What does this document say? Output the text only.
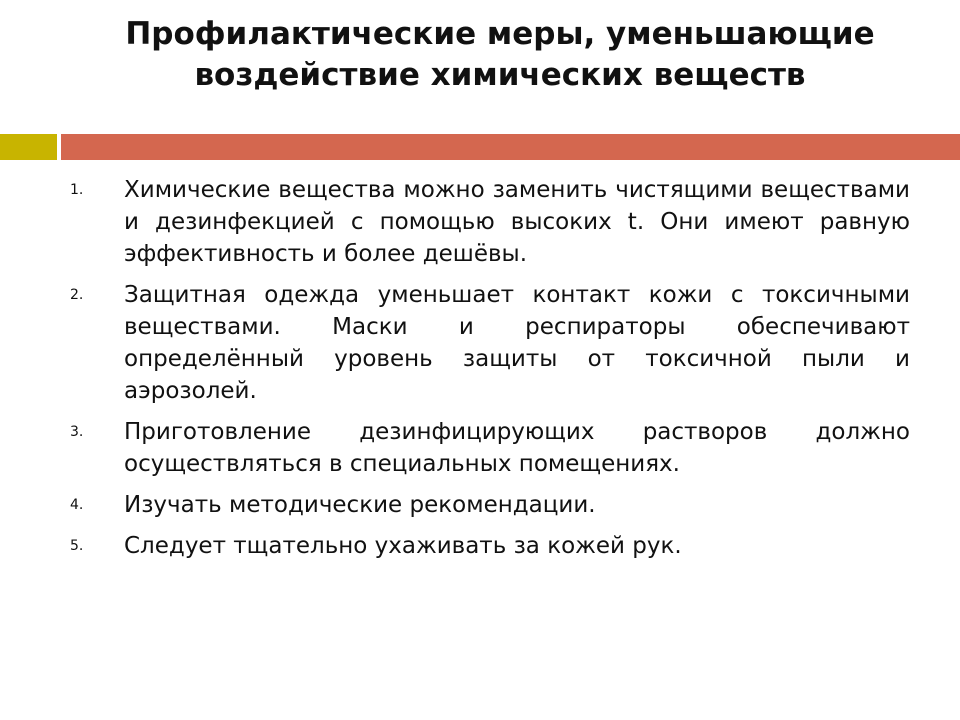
Профилактические меры, уменьшающие воздействие химических веществ
1.	Химические вещества можно заменить чистящими веществами и дезинфекцией с помощью высоких t. Они имеют равную эффективность и более дешёвы.
2.	Защитная одежда уменьшает контакт кожи с токсичными веществами. Маски и респираторы обеспечивают определённый уровень защиты от токсичной пыли и аэрозолей.
3.	Приготовление дезинфицирующих растворов должно осуществляться в специальных помещениях.
4.	Изучать методические рекомендации.
5.	Следует тщательно ухаживать за кожей рук.
